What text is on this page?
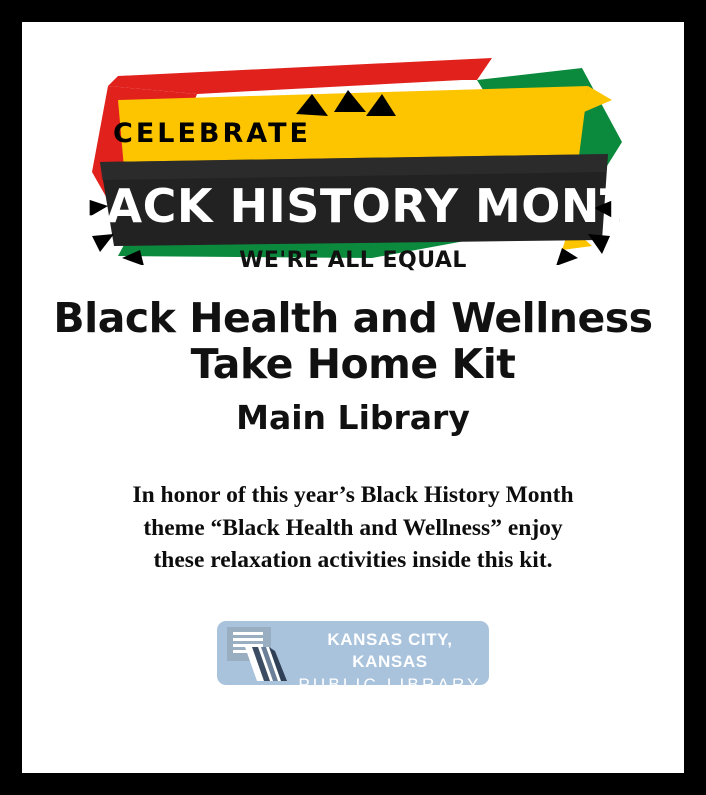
CELEBRATE
BLACK HISTORY MONTH
WE'RE ALL EQUAL
Black Health and Wellness
Take Home Kit
Main Library
In honor of this year’s Black History Month
theme “Black Health and Wellness” enjoy
these relaxation activities inside this kit.
KANSAS CITY, KANSAS
PUBLIC LIBRARY
